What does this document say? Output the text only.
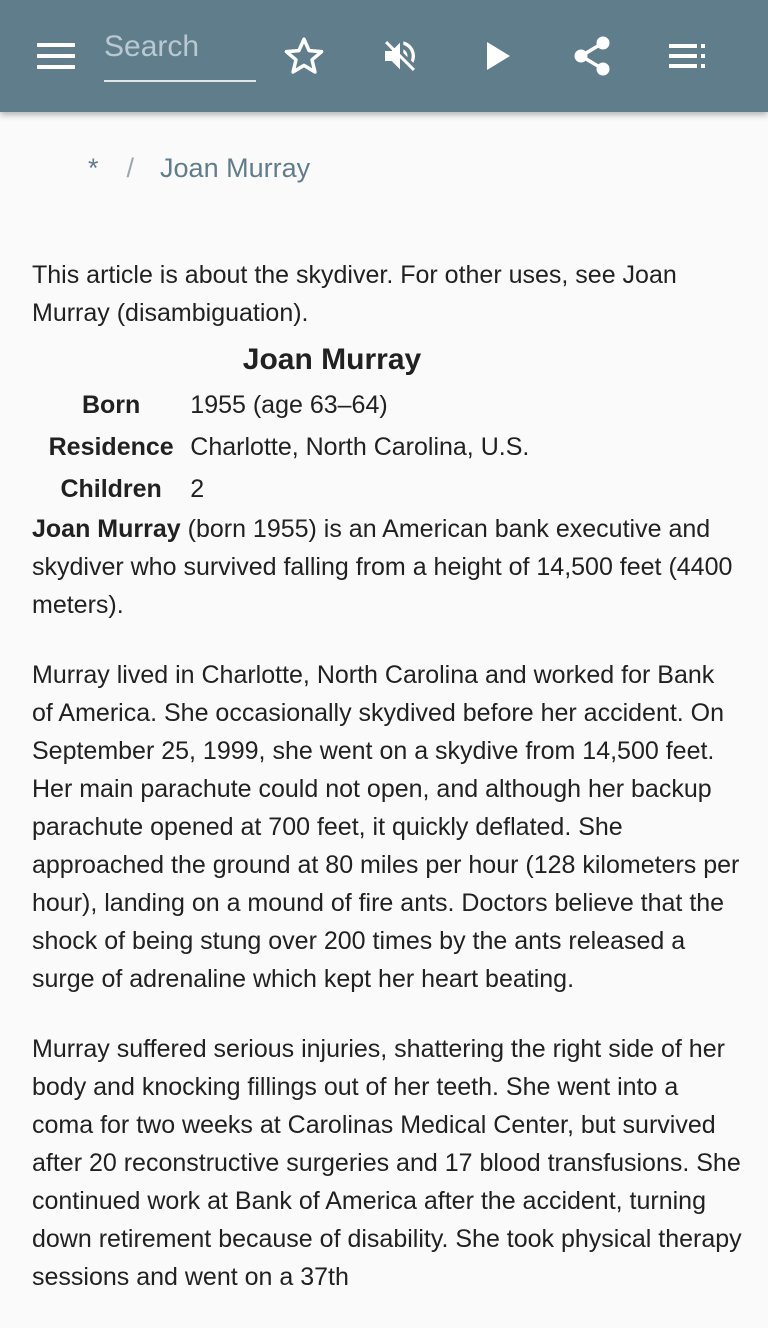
Search
* / Joan Murray

This article is about the skydiver. For other uses, see Joan Murray (disambiguation).

Joan Murray
Born	1955 (age 63–64)
Residence	Charlotte, North Carolina, U.S.
Children	2

Joan Murray (born 1955) is an American bank executive and skydiver who survived falling from a height of 14,500 feet (4400 meters).

Murray lived in Charlotte, North Carolina and worked for Bank of America. She occasionally skydived before her accident. On September 25, 1999, she went on a skydive from 14,500 feet. Her main parachute could not open, and although her backup parachute opened at 700 feet, it quickly deflated. She approached the ground at 80 miles per hour (128 kilometers per hour), landing on a mound of fire ants. Doctors believe that the shock of being stung over 200 times by the ants released a surge of adrenaline which kept her heart beating.

Murray suffered serious injuries, shattering the right side of her body and knocking fillings out of her teeth. She went into a coma for two weeks at Carolinas Medical Center, but survived after 20 reconstructive surgeries and 17 blood transfusions. She continued work at Bank of America after the accident, turning down retirement because of disability. She took physical therapy sessions and went on a 37th
